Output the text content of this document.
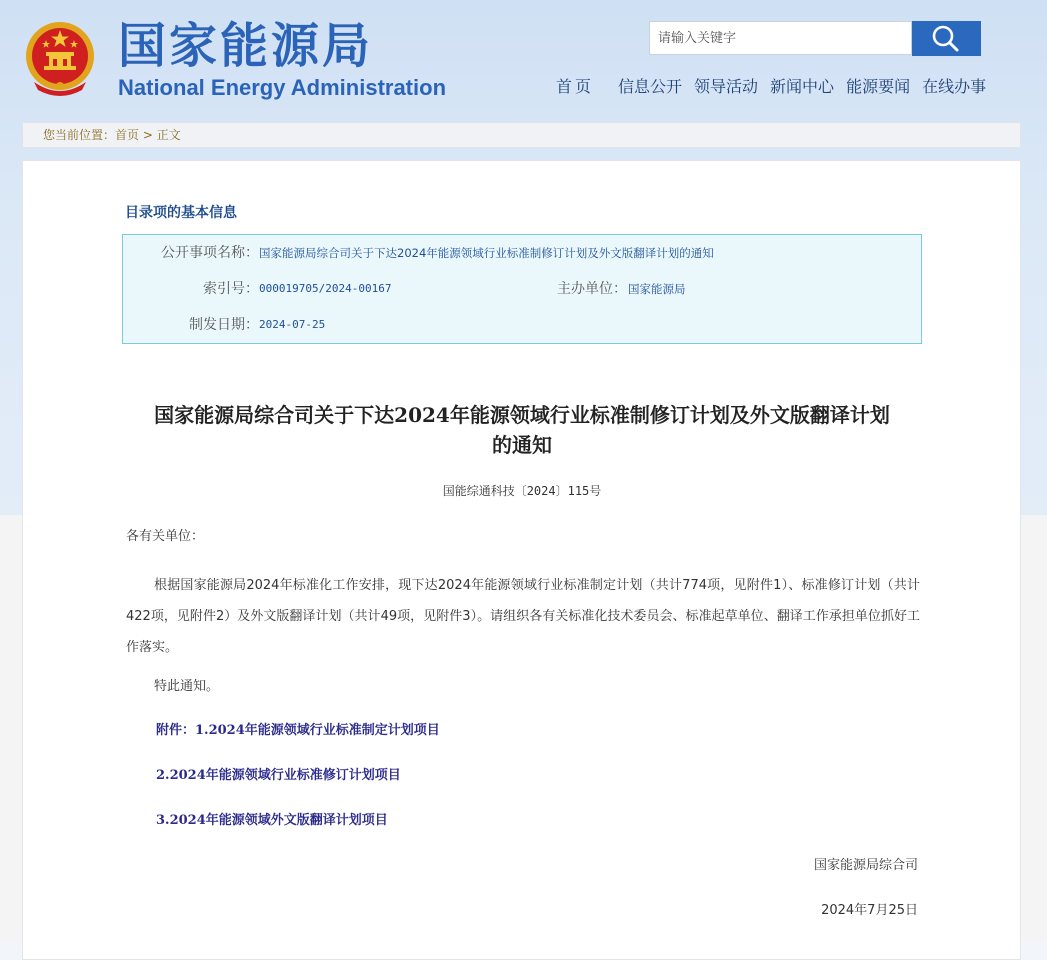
国家能源局
National Energy Administration
请输入关键字	首页 信息公开 领导活动 新闻中心 能源要闻 在线办事
您当前位置：首页 > 正文
目录项的基本信息
公开事项名称： 国家能源局综合司关于下达2024年能源领域行业标准制修订计划及外文版翻译计划的通知
索引号： 000019705/2024-00167	主办单位： 国家能源局
制发日期： 2024-07-25
国家能源局综合司关于下达2024年能源领域行业标准制修订计划及外文版翻译计划
的通知
国能综通科技〔2024〕115号
各有关单位：
根据国家能源局2024年标准化工作安排，现下达2024年能源领域行业标准制定计划（共计774项，见附件1）、标准修订计划（共计422项，见附件2）及外文版翻译计划（共计49项，见附件3）。请组织各有关标准化技术委员会、标准起草单位、翻译工作承担单位抓好工作落实。
特此通知。
附件：1.2024年能源领域行业标准制定计划项目
2.2024年能源领域行业标准修订计划项目
3.2024年能源领域外文版翻译计划项目
国家能源局综合司
2024年7月25日
